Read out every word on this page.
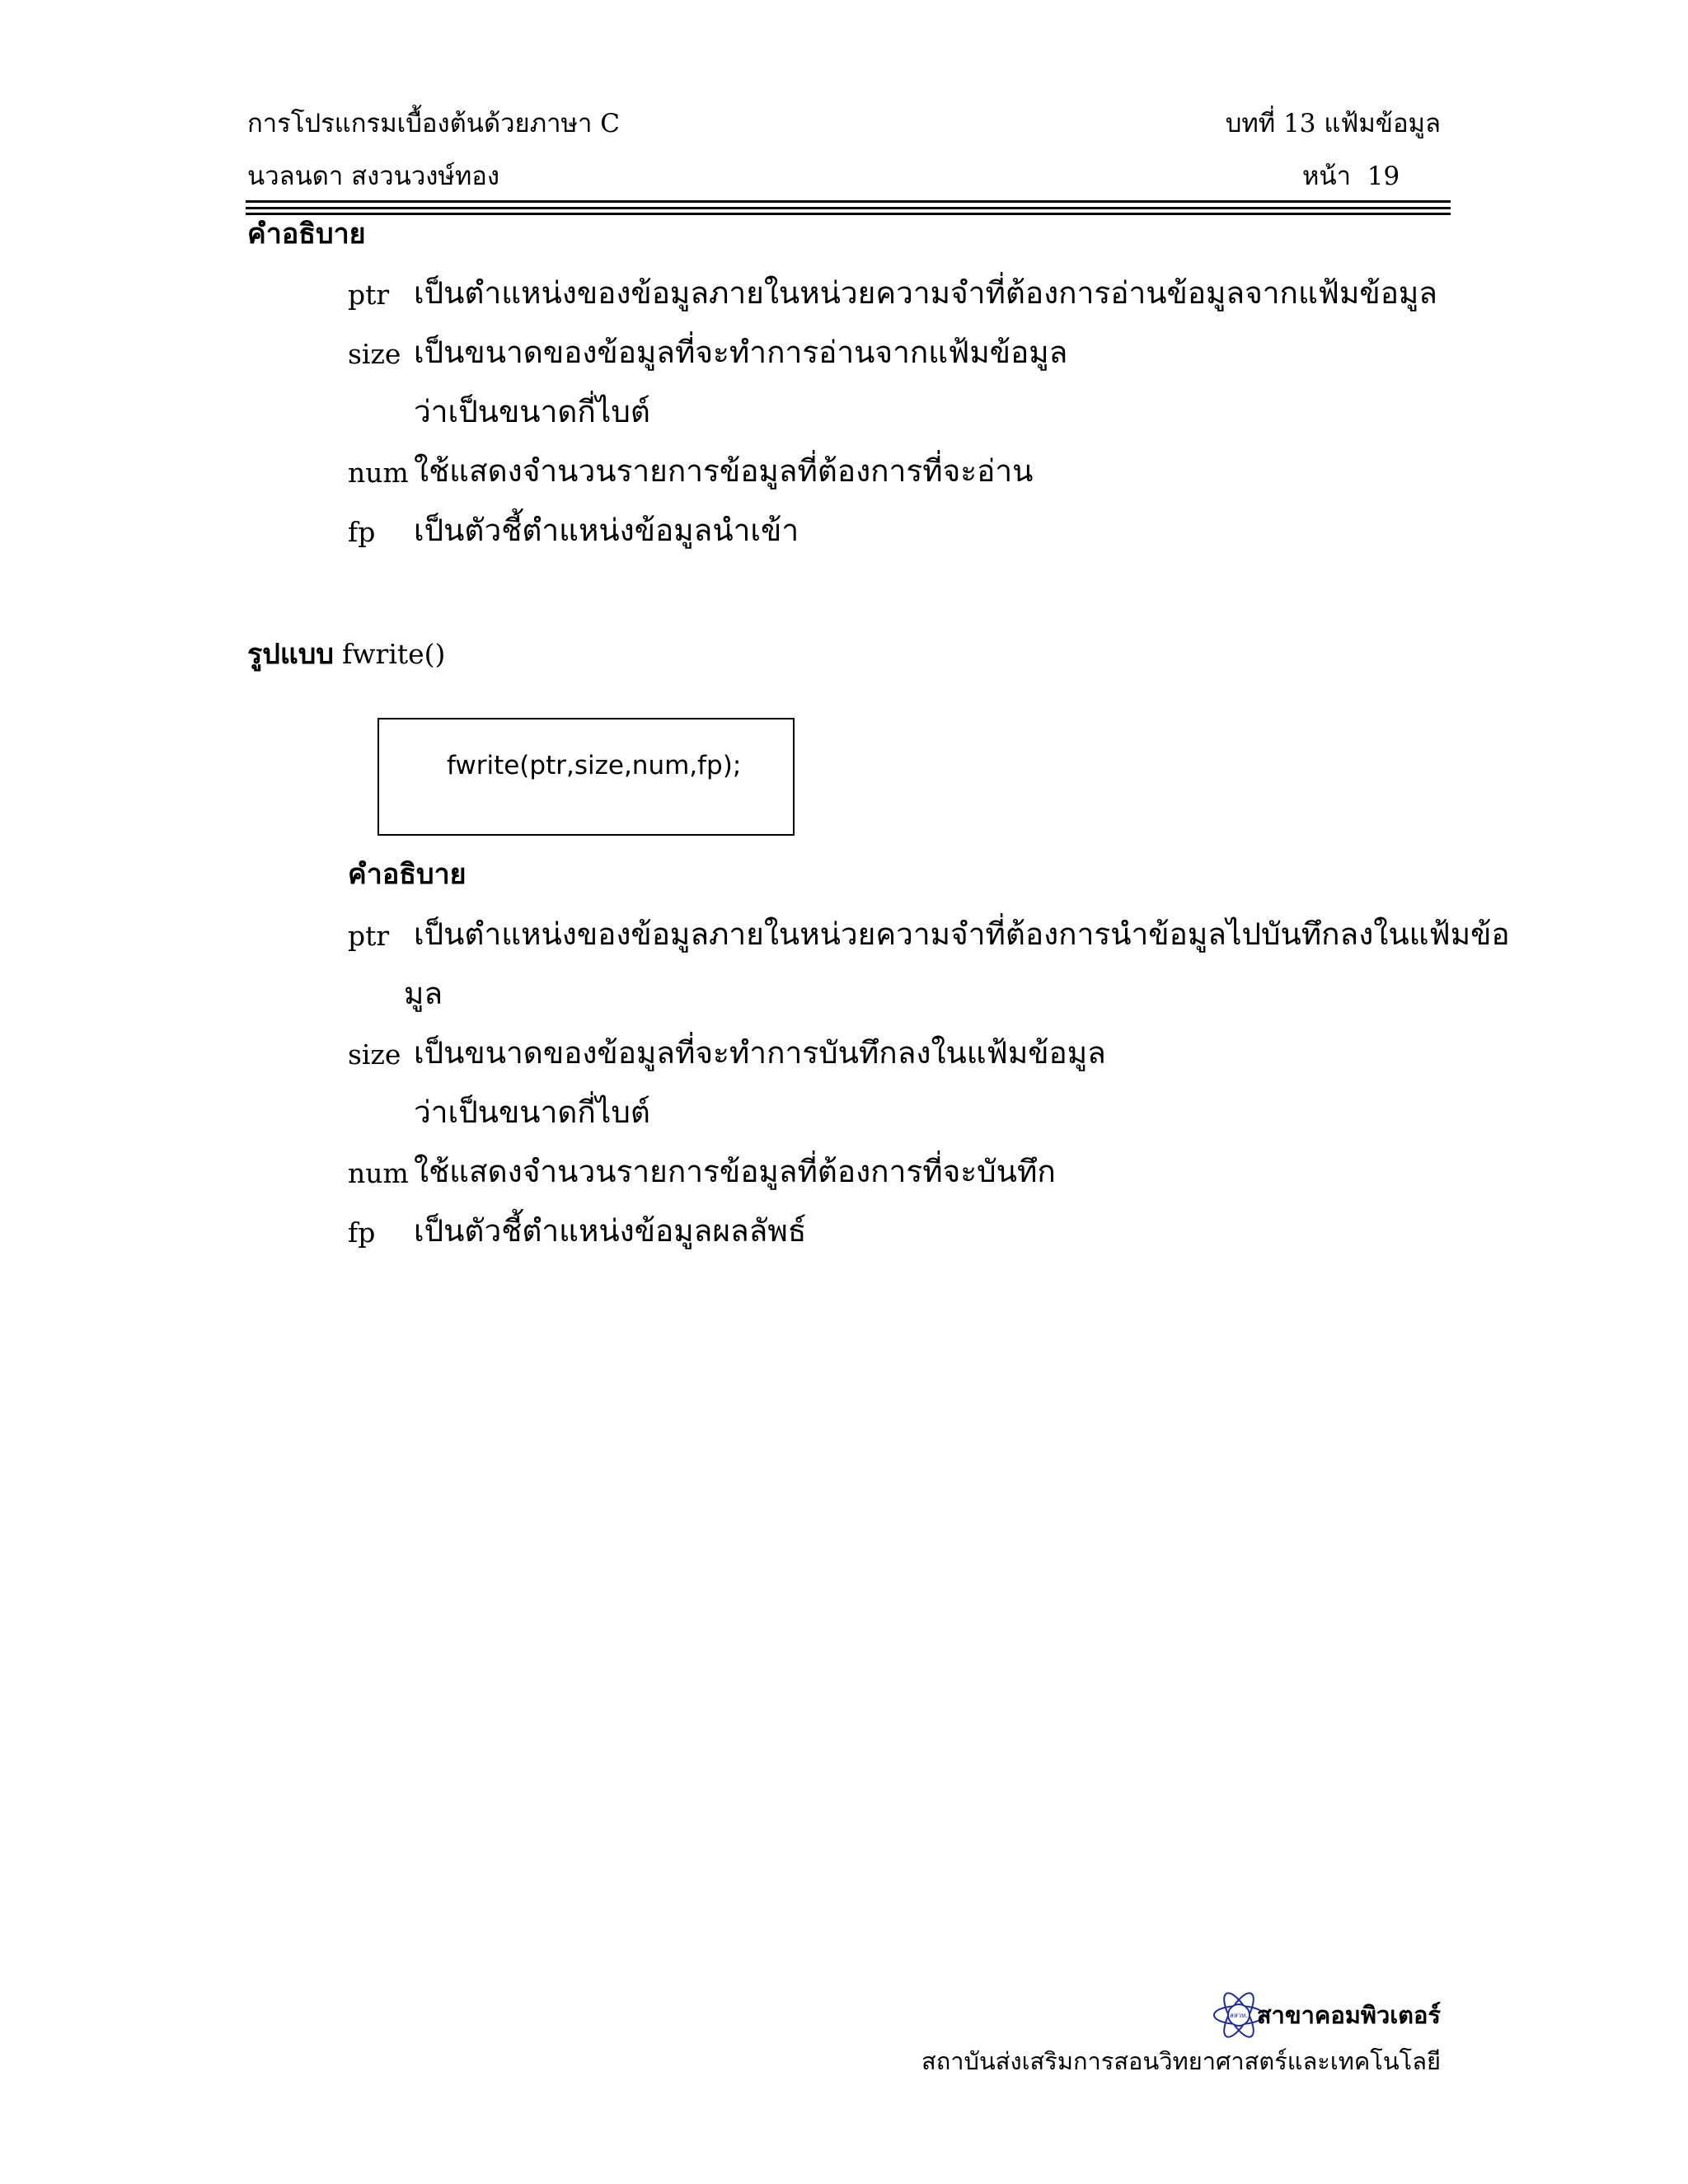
การโปรแกรมเบื้องต้นด้วยภาษา C	บทที่ 13 แฟ้มข้อมูล
นวลนดา สงวนวงษ์ทอง	หน้า 19
คำอธิบาย
ptr เป็นตำแหน่งของข้อมูลภายในหน่วยความจำที่ต้องการอ่านข้อมูลจากแฟ้มข้อมูล
size เป็นขนาดของข้อมูลที่จะทำการอ่านจากแฟ้มข้อมูล
ว่าเป็นขนาดกี่ไบต์
num ใช้แสดงจำนวนรายการข้อมูลที่ต้องการที่จะอ่าน
fp เป็นตัวชี้ตำแหน่งข้อมูลนำเข้า
รูปแบบ fwrite()
fwrite(ptr,size,num,fp);
คำอธิบาย
ptr เป็นตำแหน่งของข้อมูลภายในหน่วยความจำที่ต้องการนำข้อมูลไปบันทึกลงในแฟ้มข้อ
มูล
size เป็นขนาดของข้อมูลที่จะทำการบันทึกลงในแฟ้มข้อมูล
ว่าเป็นขนาดกี่ไบต์
num ใช้แสดงจำนวนรายการข้อมูลที่ต้องการที่จะบันทึก
fp เป็นตัวชี้ตำแหน่งข้อมูลผลลัพธ์
สสวท. สาขาคอมพิวเตอร์
สถาบันส่งเสริมการสอนวิทยาศาสตร์และเทคโนโลยี
